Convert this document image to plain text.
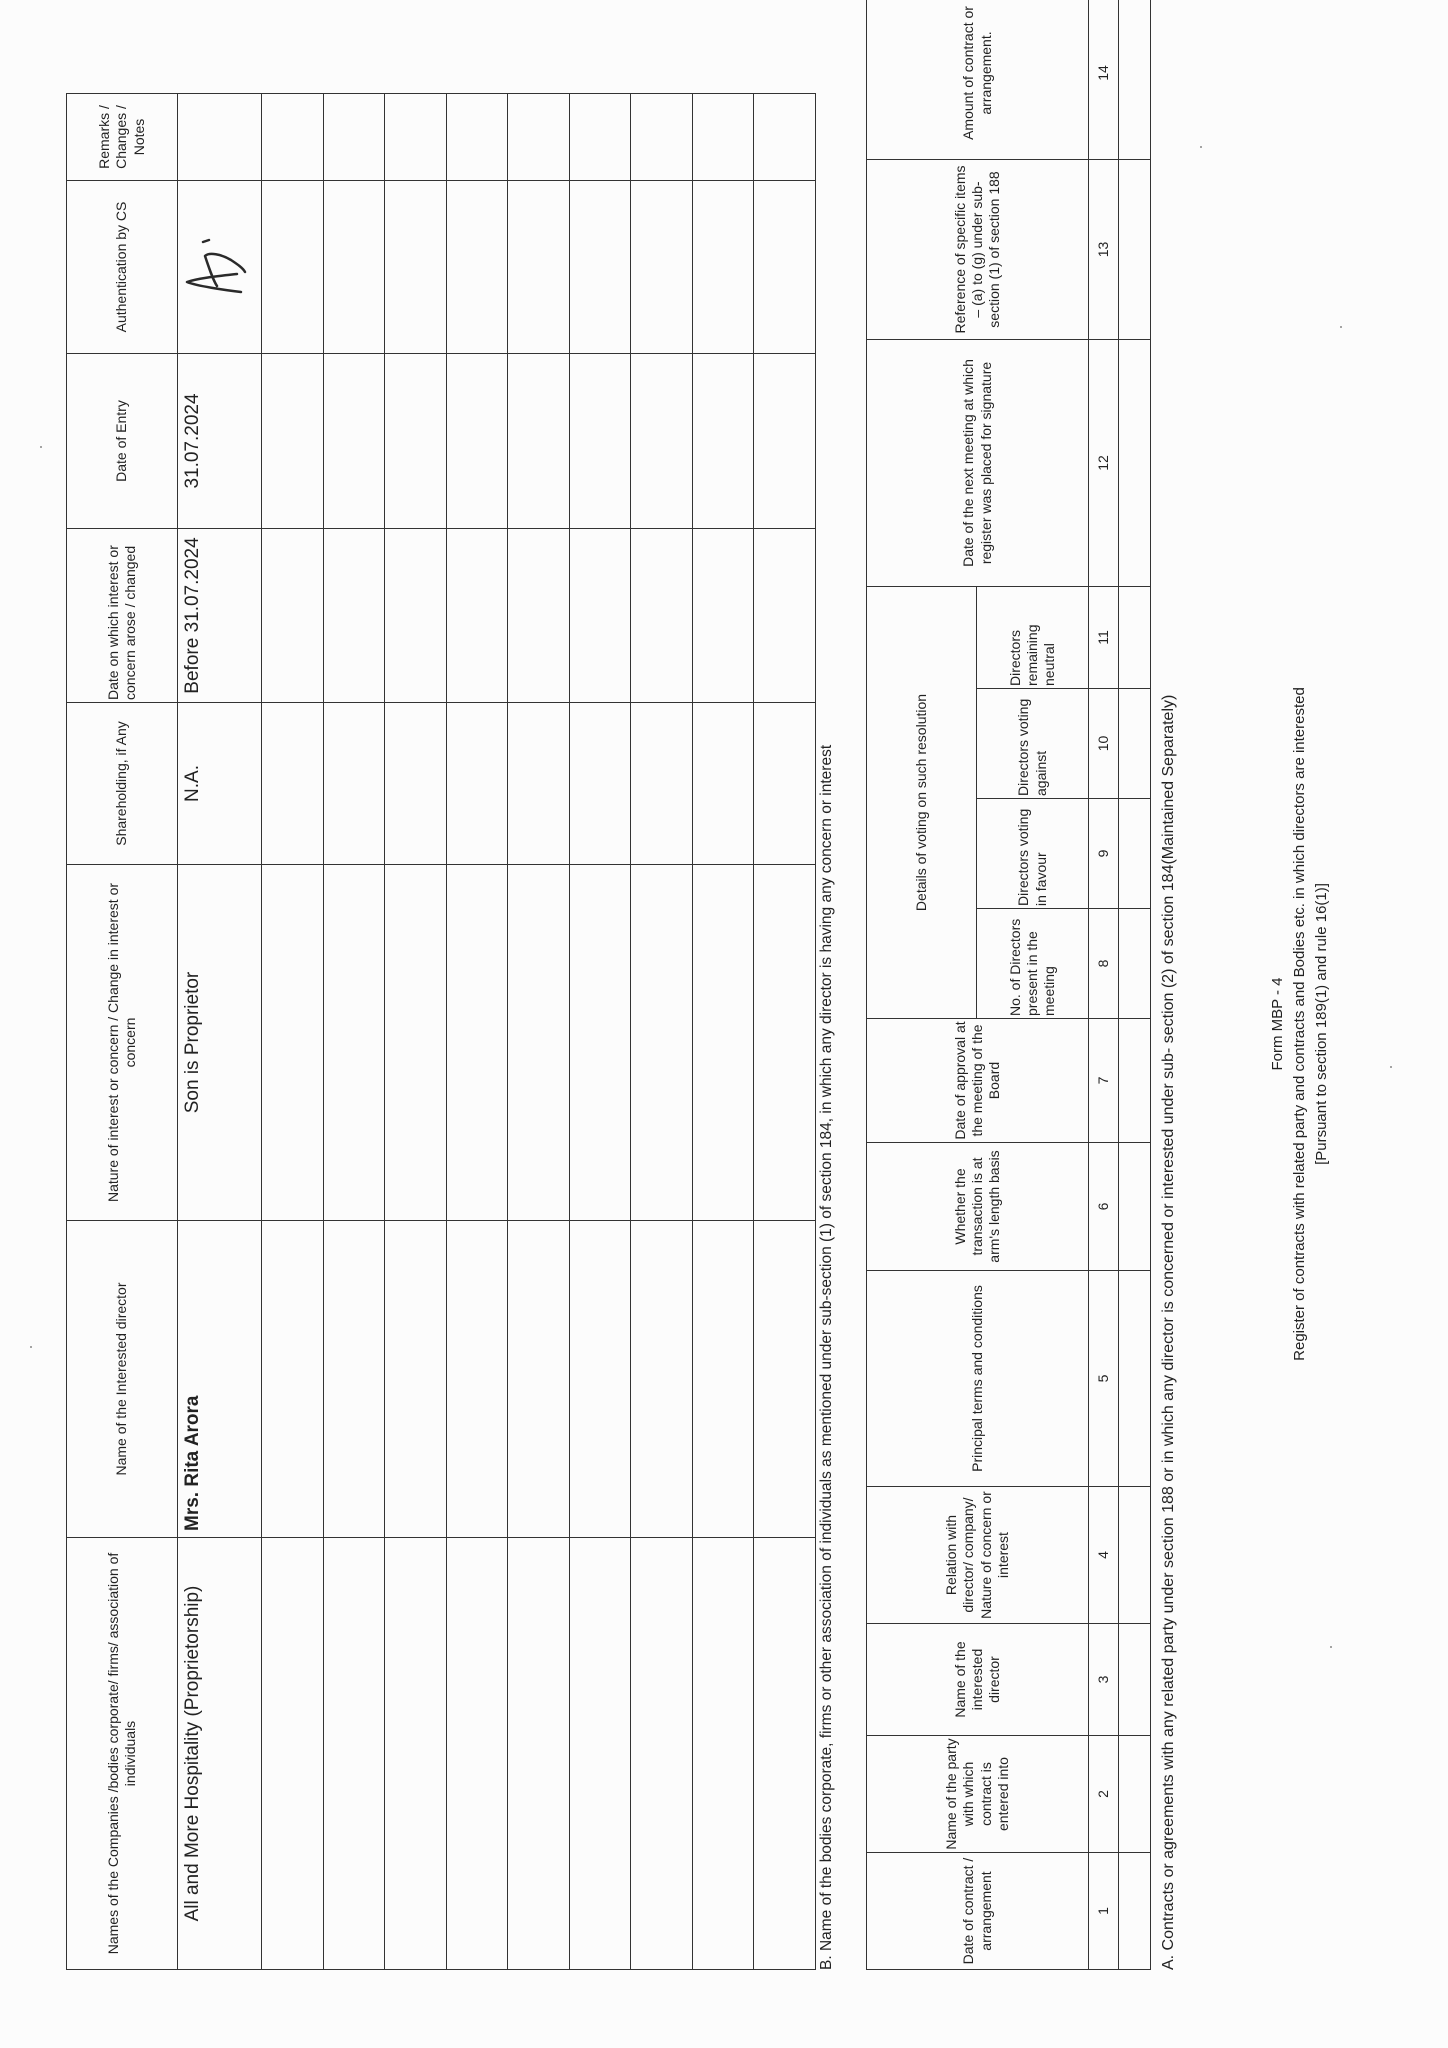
Form MBP - 4 Register of contracts with related party and contracts and Bodies etc. in which directors are interested [Pursuant to section 189(1) and rule 16(1)]
A. Contracts or agreements with any related party under section 188 or in which any director is concerned or interested under sub- section (2) of section 184(Maintained Separately)
Date of contract / arrangement	Name of the party with which contract is entered into	Name of the interested director	Relation with director/ company/ Nature of concern or interest	Principal terms and conditions	Whether the transaction is at arm's length basis	Date of approval at the meeting of the Board	Details of voting on such resolution				Date of the next meeting at which register was placed for signature	Reference of specific items – (a) to (g) under sub-section (1) of section 188	Amount of contract or arrangement.			
							No. of Directors present in the meeting	Directors voting in favour	Directors voting against	Directors remaining neutral						
1	2	3	4	5	6	7	8	9	10	11	12	13	14			

B. Name of the bodies corporate, firms or other association of individuals as mentioned under sub-section (1) of section 184, in which any director is having any concern or interest
Names of the Companies /bodies corporate/ firms/ association of individuals	Name of the Interested director	Nature of interest or concern / Change in interest or concern	Shareholding, if Any	Date on which interest or concern arose / changed	Date of Entry	Authentication by CS	Remarks / Changes / Notes
All and More Hospitality (Proprietorship)	Mrs. Rita Arora	Son is Proprietor	N.A.	Before 31.07.2024	31.07.2024	
